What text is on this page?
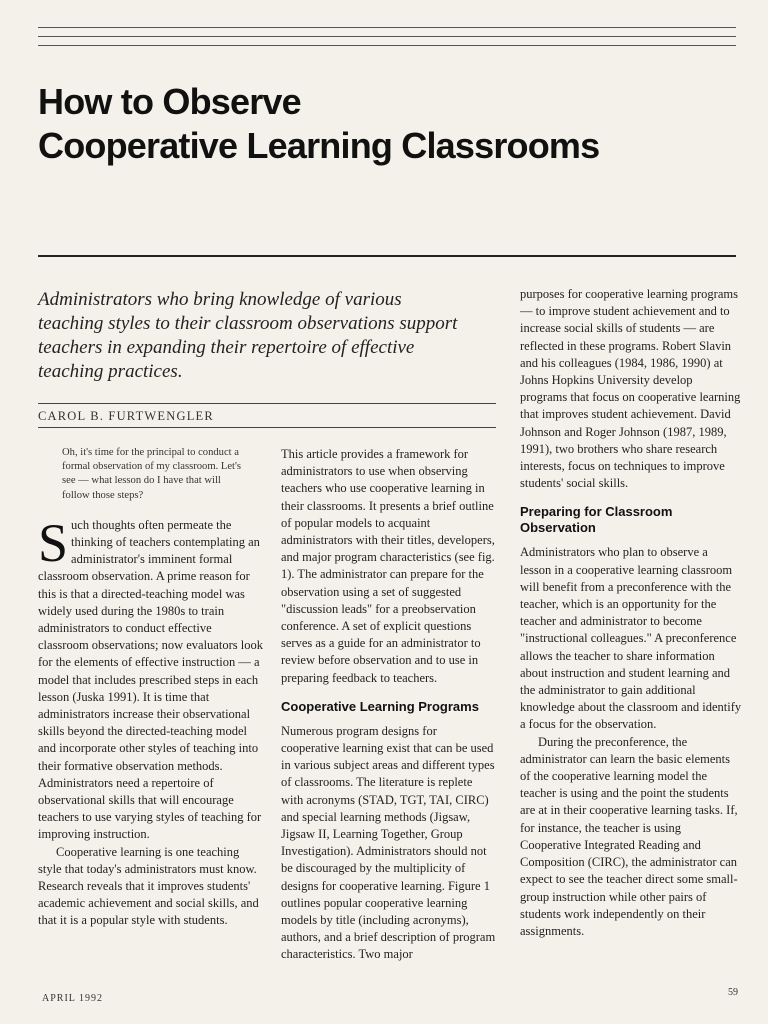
How to Observe
Cooperative Learning Classrooms

Administrators who bring knowledge of various teaching styles to their classroom observations support teachers in expanding their repertoire of effective teaching practices.

CAROL B. FURTWENGLER

Oh, it's time for the principal to conduct a formal observation of my classroom. Let's see — what lesson do I have that will follow those steps?

Such thoughts often permeate the thinking of teachers contemplating an administrator's imminent formal classroom observation. A prime reason for this is that a directed-teaching model was widely used during the 1980s to train administrators to conduct effective classroom observations; now evaluators look for the elements of effective instruction — a model that includes prescribed steps in each lesson (Juska 1991). It is time that administrators increase their observational skills beyond the directed-teaching model and incorporate other styles of teaching into their formative observation methods. Administrators need a repertoire of observational skills that will encourage teachers to use varying styles of teaching for improving instruction.

Cooperative learning is one teaching style that today's administrators must know. Research reveals that it improves students' academic achievement and social skills, and that it is a popular style with students.

This article provides a framework for administrators to use when observing teachers who use cooperative learning in their classrooms. It presents a brief outline of popular models to acquaint administrators with their titles, developers, and major program characteristics (see fig. 1). The administrator can prepare for the observation using a set of suggested "discussion leads" for a preobservation conference. A set of explicit questions serves as a guide for an administrator to review before observation and to use in preparing feedback to teachers.

Cooperative Learning Programs

Numerous program designs for cooperative learning exist that can be used in various subject areas and different types of classrooms. The literature is replete with acronyms (STAD, TGT, TAI, CIRC) and special learning methods (Jigsaw, Jigsaw II, Learning Together, Group Investigation). Administrators should not be discouraged by the multiplicity of designs for cooperative learning. Figure 1 outlines popular cooperative learning models by title (including acronyms), authors, and a brief description of program characteristics. Two major

purposes for cooperative learning programs — to improve student achievement and to increase social skills of students — are reflected in these programs. Robert Slavin and his colleagues (1984, 1986, 1990) at Johns Hopkins University develop programs that focus on cooperative learning that improves student achievement. David Johnson and Roger Johnson (1987, 1989, 1991), two brothers who share research interests, focus on techniques to improve students' social skills.

Preparing for Classroom Observation

Administrators who plan to observe a lesson in a cooperative learning classroom will benefit from a preconference with the teacher, which is an opportunity for the teacher and administrator to become "instructional colleagues." A preconference allows the teacher to share information about instruction and student learning and the administrator to gain additional knowledge about the classroom and identify a focus for the observation.

During the preconference, the administrator can learn the basic elements of the cooperative learning model the teacher is using and the point the students are at in their cooperative learning tasks. If, for instance, the teacher is using Cooperative Integrated Reading and Composition (CIRC), the administrator can expect to see the teacher direct some small-group instruction while other pairs of students work independently on their assignments.

APRIL 1992
59
